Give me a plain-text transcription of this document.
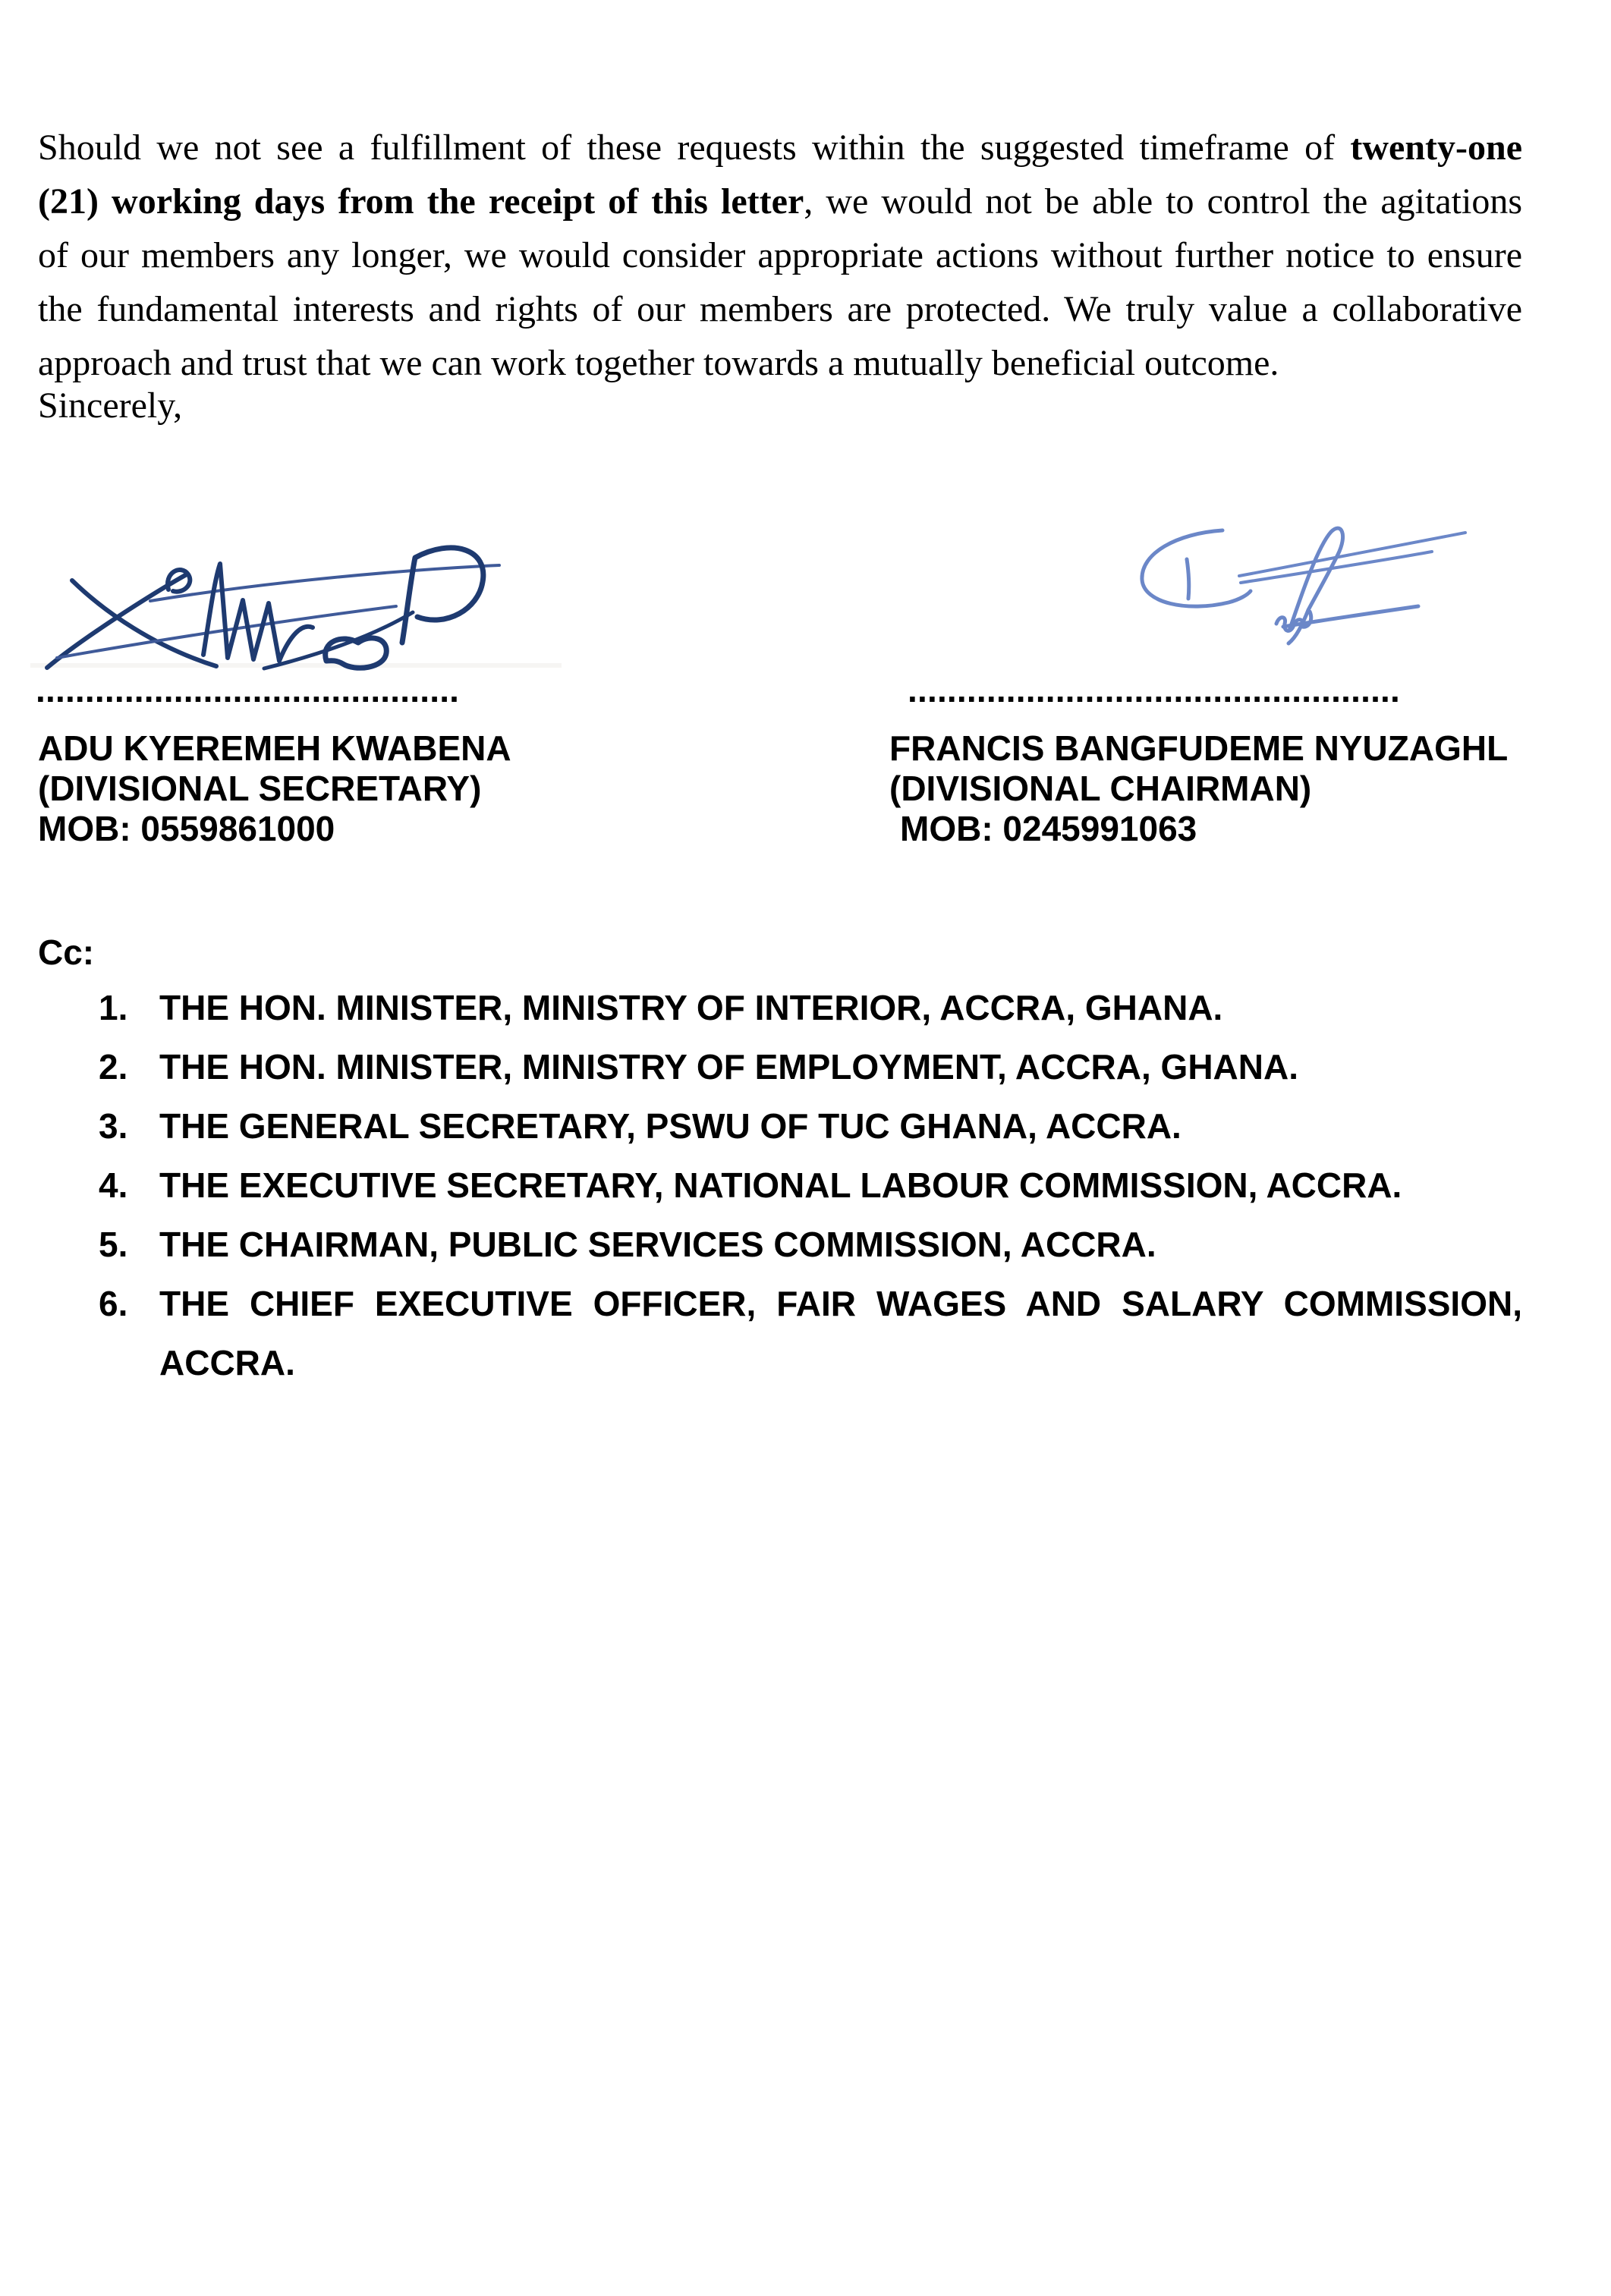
Should we not see a fulfillment of these requests within the suggested timeframe of twenty-one
(21) working days from the receipt of this letter, we would not be able to control the agitations
of our members any longer, we would consider appropriate actions without further notice to ensure
the fundamental interests and rights of our members are protected. We truly value a collaborative
approach and trust that we can work together towards a mutually beneficial outcome.
Sincerely,
...........................................	..................................................
ADU KYEREMEH KWABENA
(DIVISIONAL SECRETARY)
MOB: 0559861000
FRANCIS BANGFUDEME NYUZAGHL
(DIVISIONAL CHAIRMAN)
MOB: 0245991063
Cc:
1. THE HON. MINISTER, MINISTRY OF INTERIOR, ACCRA, GHANA.
2. THE HON. MINISTER, MINISTRY OF EMPLOYMENT, ACCRA, GHANA.
3. THE GENERAL SECRETARY, PSWU OF TUC GHANA, ACCRA.
4. THE EXECUTIVE SECRETARY, NATIONAL LABOUR COMMISSION, ACCRA.
5. THE CHAIRMAN, PUBLIC SERVICES COMMISSION, ACCRA.
6. THE CHIEF EXECUTIVE OFFICER, FAIR WAGES AND SALARY COMMISSION,
ACCRA.
